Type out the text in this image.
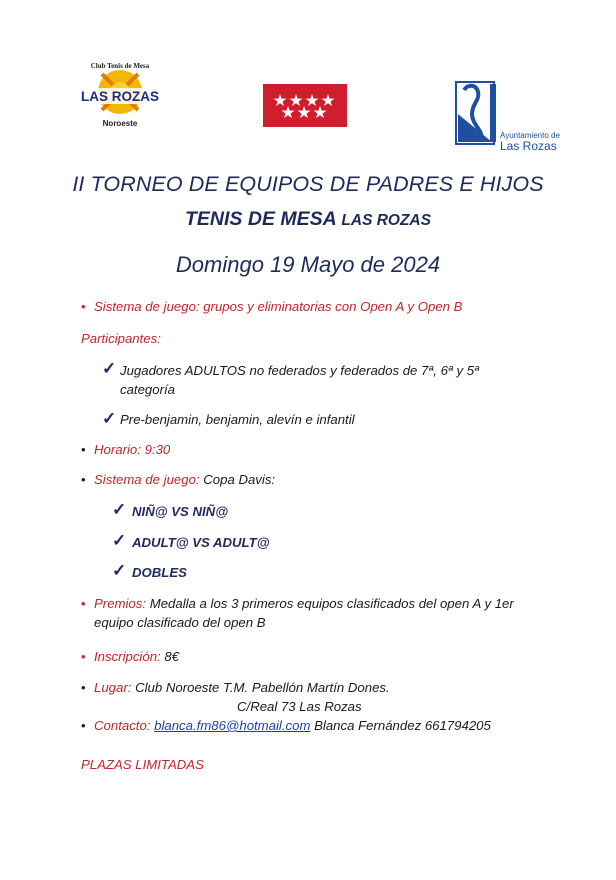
Club Tenis de Mesa
LAS ROZAS
Noroeste
Ayuntamiento de
Las Rozas
II TORNEO DE EQUIPOS DE PADRES E HIJOS
TENIS DE MESA LAS ROZAS
Domingo 19 Mayo de 2024
• Sistema de juego: grupos y eliminatorias con Open A y Open B
Participantes:
✓ Jugadores ADULTOS no federados y federados de 7ª, 6ª y 5ª
categoría
✓ Pre-benjamin, benjamin, alevín e infantil
• Horario: 9:30
• Sistema de juego: Copa Davis:
✓ NIÑ@ VS NIÑ@
✓ ADULT@ VS ADULT@
✓ DOBLES
• Premios: Medalla a los 3 primeros equipos clasificados del open A y 1er
equipo clasificado del open B
• Inscripción: 8€
• Lugar: Club Noroeste T.M. Pabellón Martín Dones.
C/Real 73 Las Rozas
• Contacto: blanca.fm86@hotmail.com Blanca Fernández 661794205
PLAZAS LIMITADAS
